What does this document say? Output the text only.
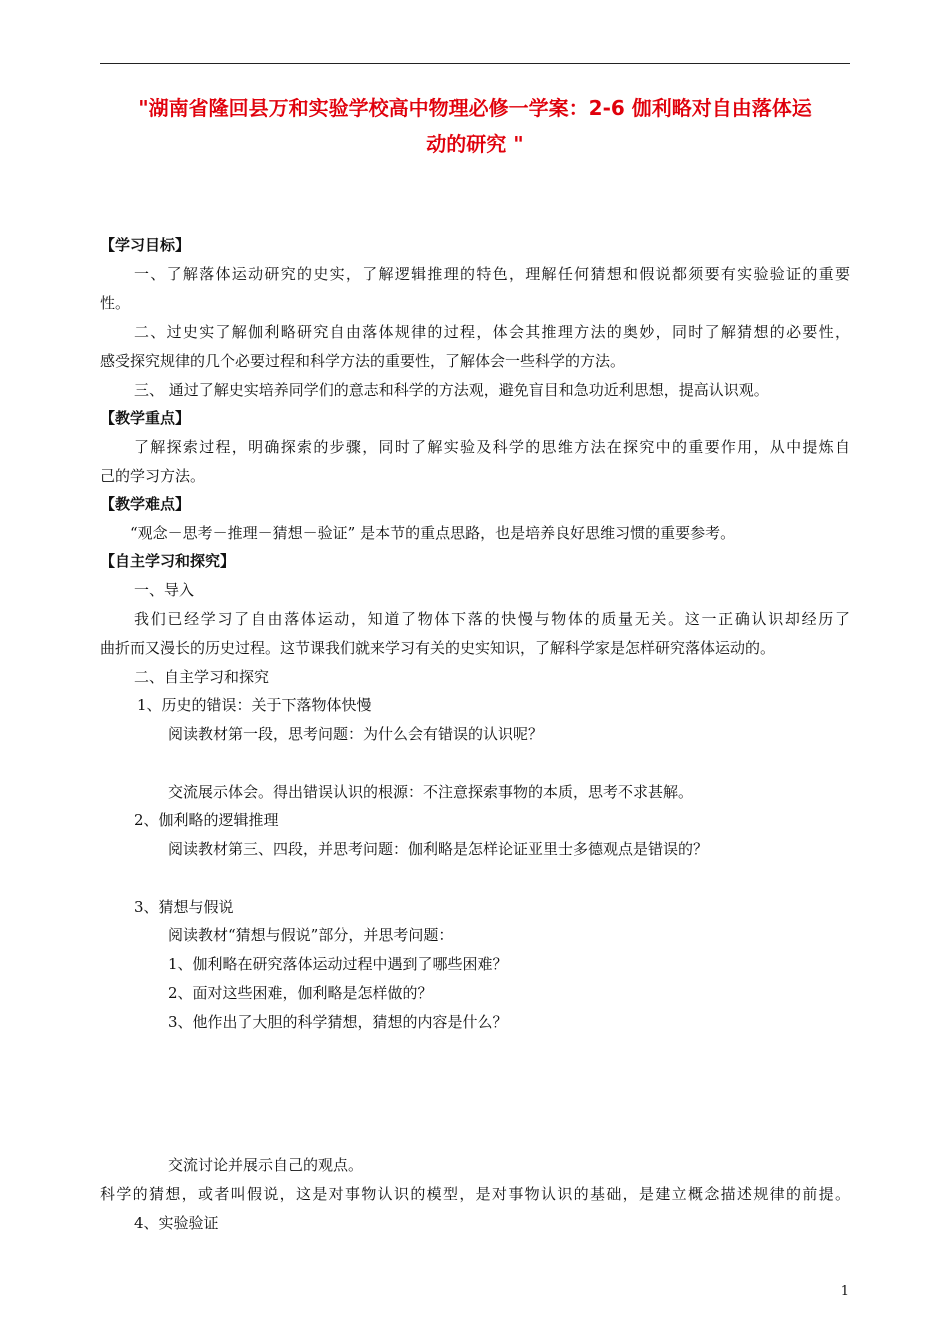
"湖南省隆回县万和实验学校高中物理必修一学案：2-6 伽利略对自由落体运
动的研究 "
【学习目标】
一、了解落体运动研究的史实，了解逻辑推理的特色，理解任何猜想和假说都须要有实验验证的重要
性。
二、过史实了解伽利略研究自由落体规律的过程，体会其推理方法的奥妙，同时了解猜想的必要性，
感受探究规律的几个必要过程和科学方法的重要性，了解体会一些科学的方法。
三、 通过了解史实培养同学们的意志和科学的方法观，避免盲目和急功近利思想，提高认识观。
【教学重点】
了解探索过程，明确探索的步骤，同时了解实验及科学的思维方法在探究中的重要作用，从中提炼自
己的学习方法。
【教学难点】
“观念－思考－推理－猜想－验证” 是本节的重点思路，也是培养良好思维习惯的重要参考。
【自主学习和探究】
一、导入
我们已经学习了自由落体运动，知道了物体下落的快慢与物体的质量无关。这一正确认识却经历了
曲折而又漫长的历史过程。这节课我们就来学习有关的史实知识，了解科学家是怎样研究落体运动的。
二、自主学习和探究
1、历史的错误：关于下落物体快慢
阅读教材第一段，思考问题：为什么会有错误的认识呢？
交流展示体会。得出错误认识的根源：不注意探索事物的本质，思考不求甚解。
2、伽利略的逻辑推理
阅读教材第三、四段，并思考问题：伽利略是怎样论证亚里士多德观点是错误的？
3、猜想与假说
阅读教材“猜想与假说”部分，并思考问题：
1、伽利略在研究落体运动过程中遇到了哪些困难？
2、面对这些困难，伽利略是怎样做的？
3、他作出了大胆的科学猜想，猜想的内容是什么？
交流讨论并展示自己的观点。
科学的猜想，或者叫假说，这是对事物认识的模型，是对事物认识的基础，是建立概念描述规律的前提。
4、实验验证
1
